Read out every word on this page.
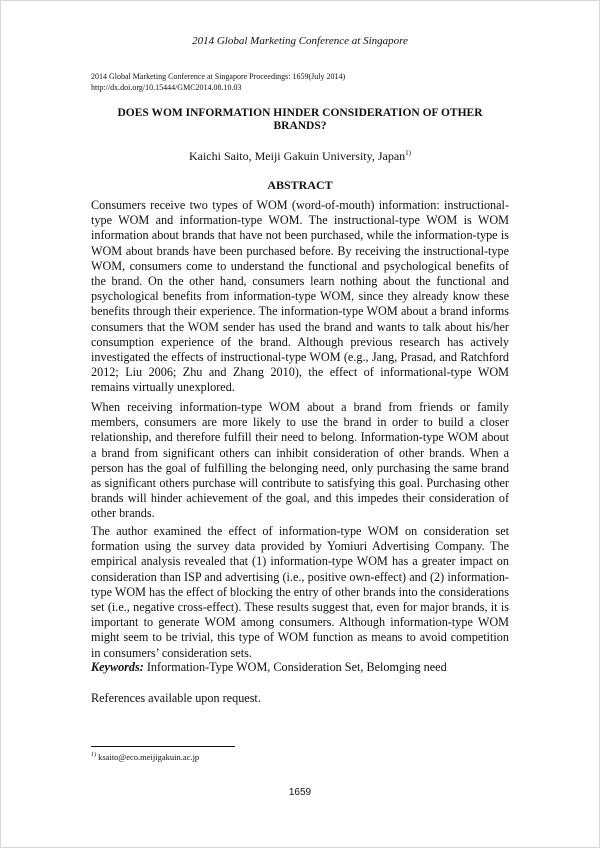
2014 Global Marketing Conference at Singapore
2014 Global Marketing Conference at Singapore Proceedings: 1659(July 2014)
http://dx.doi.org/10.15444/GMC2014.08.10.03
DOES WOM INFORMATION HINDER CONSIDERATION OF OTHER BRANDS?
Kaichi Saito, Meiji Gakuin University, Japan$^{1)}$
ABSTRACT

Consumers receive two types of WOM (word-of-mouth) information: instructional-type WOM and information-type WOM. The instructional-type WOM is WOM information about brands that have not been purchased, while the information-type is WOM about brands have been purchased before. By receiving the instructional-type WOM, consumers come to understand the functional and psychological benefits of the brand. On the other hand, consumers learn nothing about the functional and psychological benefits from information-type WOM, since they already know these benefits through their experience. The information-type WOM about a brand informs consumers that the WOM sender has used the brand and wants to talk about his/her consumption experience of the brand. Although previous research has actively investigated the effects of instructional-type WOM (e.g., Jang, Prasad, and Ratchford 2012; Liu 2006; Zhu and Zhang 2010), the effect of informational-type WOM remains virtually unexplored.

When receiving information-type WOM about a brand from friends or family members, consumers are more likely to use the brand in order to build a closer relationship, and therefore fulfill their need to belong. Information-type WOM about a brand from significant others can inhibit consideration of other brands. When a person has the goal of fulfilling the belonging need, only purchasing the same brand as significant others purchase will contribute to satisfying this goal. Purchasing other brands will hinder achievement of the goal, and this impedes their consideration of other brands.

The author examined the effect of information-type WOM on consideration set formation using the survey data provided by Yomiuri Advertising Company. The empirical analysis revealed that (1) information-type WOM has a greater impact on consideration than ISP and advertising (i.e., positive own-effect) and (2) information-type WOM has the effect of blocking the entry of other brands into the considerations set (i.e., negative cross-effect). These results suggest that, even for major brands, it is important to generate WOM among consumers. Although information-type WOM might seem to be trivial, this type of WOM function as means to avoid competition in consumers’ consideration sets.

Keywords: Information-Type WOM, Consideration Set, Belomging need
References available upon request.
$^{1)}$ ksaito@eco.meijigakuin.ac.jp
1659
